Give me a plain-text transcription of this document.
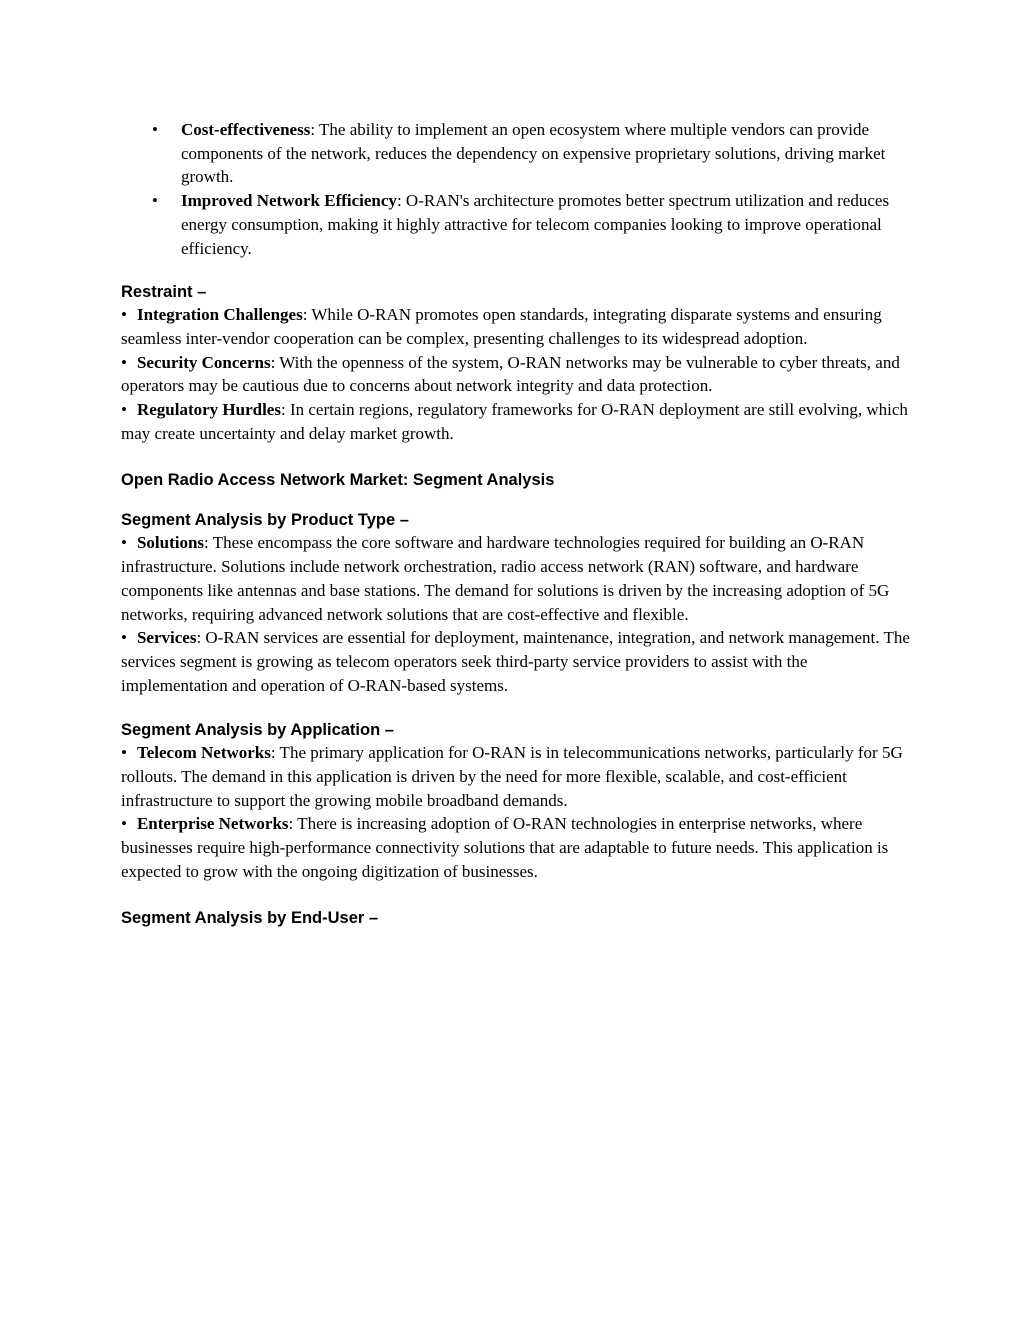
• Cost-effectiveness: The ability to implement an open ecosystem where multiple vendors can provide components of the network, reduces the dependency on expensive proprietary solutions, driving market growth.
• Improved Network Efficiency: O-RAN's architecture promotes better spectrum utilization and reduces energy consumption, making it highly attractive for telecom companies looking to improve operational efficiency.
Restraint –

• Integration Challenges: While O-RAN promotes open standards, integrating disparate systems and ensuring seamless inter-vendor cooperation can be complex, presenting challenges to its widespread adoption.

• Security Concerns: With the openness of the system, O-RAN networks may be vulnerable to cyber threats, and operators may be cautious due to concerns about network integrity and data protection.

• Regulatory Hurdles: In certain regions, regulatory frameworks for O-RAN deployment are still evolving, which may create uncertainty and delay market growth.

Open Radio Access Network Market: Segment Analysis
Segment Analysis by Product Type –

• Solutions: These encompass the core software and hardware technologies required for building an O-RAN infrastructure. Solutions include network orchestration, radio access network (RAN) software, and hardware components like antennas and base stations. The demand for solutions is driven by the increasing adoption of 5G networks, requiring advanced network solutions that are cost-effective and flexible.

• Services: O-RAN services are essential for deployment, maintenance, integration, and network management. The services segment is growing as telecom operators seek third-party service providers to assist with the implementation and operation of O-RAN-based systems.

Segment Analysis by Application –

• Telecom Networks: The primary application for O-RAN is in telecommunications networks, particularly for 5G rollouts. The demand in this application is driven by the need for more flexible, scalable, and cost-efficient infrastructure to support the growing mobile broadband demands.

• Enterprise Networks: There is increasing adoption of O-RAN technologies in enterprise networks, where businesses require high-performance connectivity solutions that are adaptable to future needs. This application is expected to grow with the ongoing digitization of businesses.

Segment Analysis by End-User –
